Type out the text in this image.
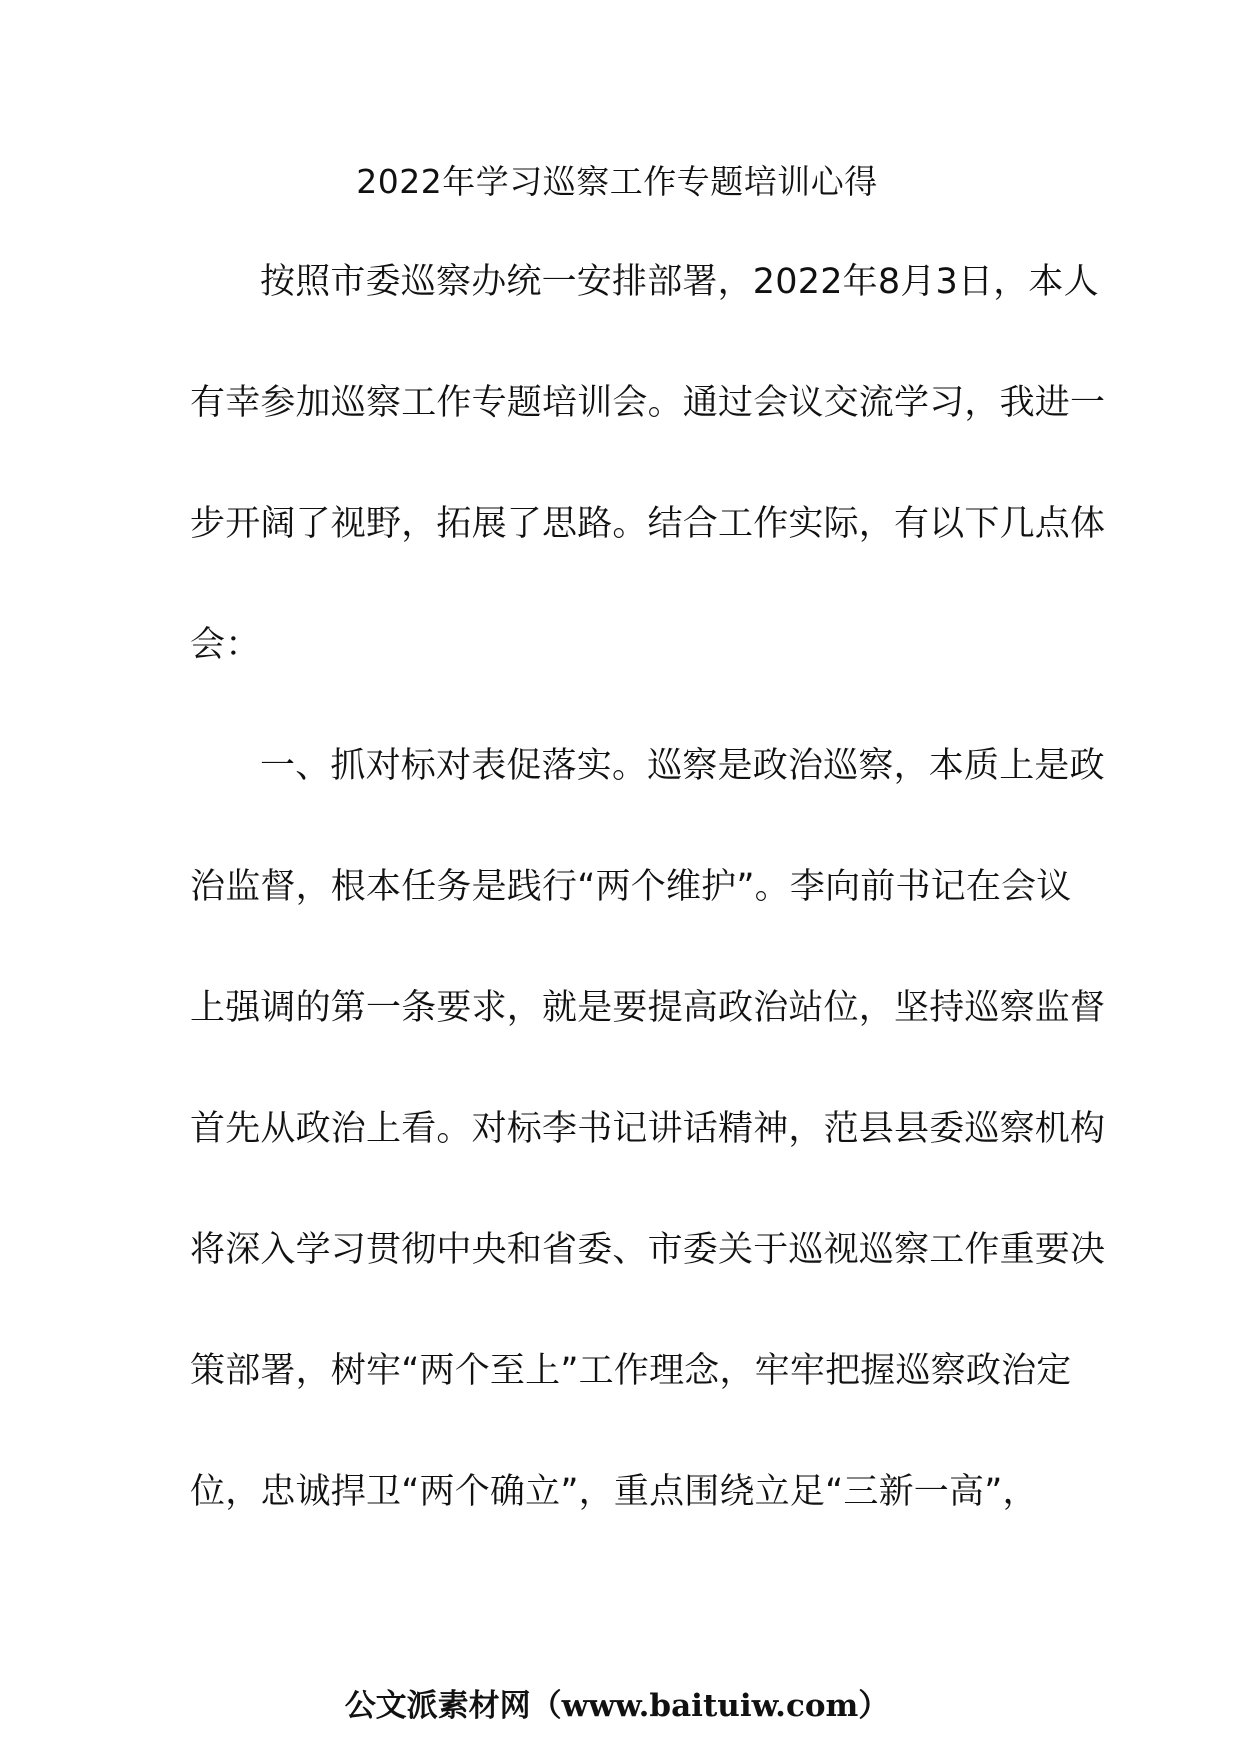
2022年学习巡察工作专题培训心得
按照市委巡察办统一安排部署，2022年8月3日，本人
有幸参加巡察工作专题培训会。通过会议交流学习，我进一
步开阔了视野，拓展了思路。结合工作实际，有以下几点体
会：
一、抓对标对表促落实。巡察是政治巡察，本质上是政
治监督，根本任务是践行“两个维护”。李向前书记在会议
上强调的第一条要求，就是要提高政治站位，坚持巡察监督
首先从政治上看。对标李书记讲话精神，范县县委巡察机构
将深入学习贯彻中央和省委、市委关于巡视巡察工作重要决
策部署，树牢“两个至上”工作理念，牢牢把握巡察政治定
位，忠诚捍卫“两个确立”，重点围绕立足“三新一高”，
公文派素材网（www.baituiw.com）
